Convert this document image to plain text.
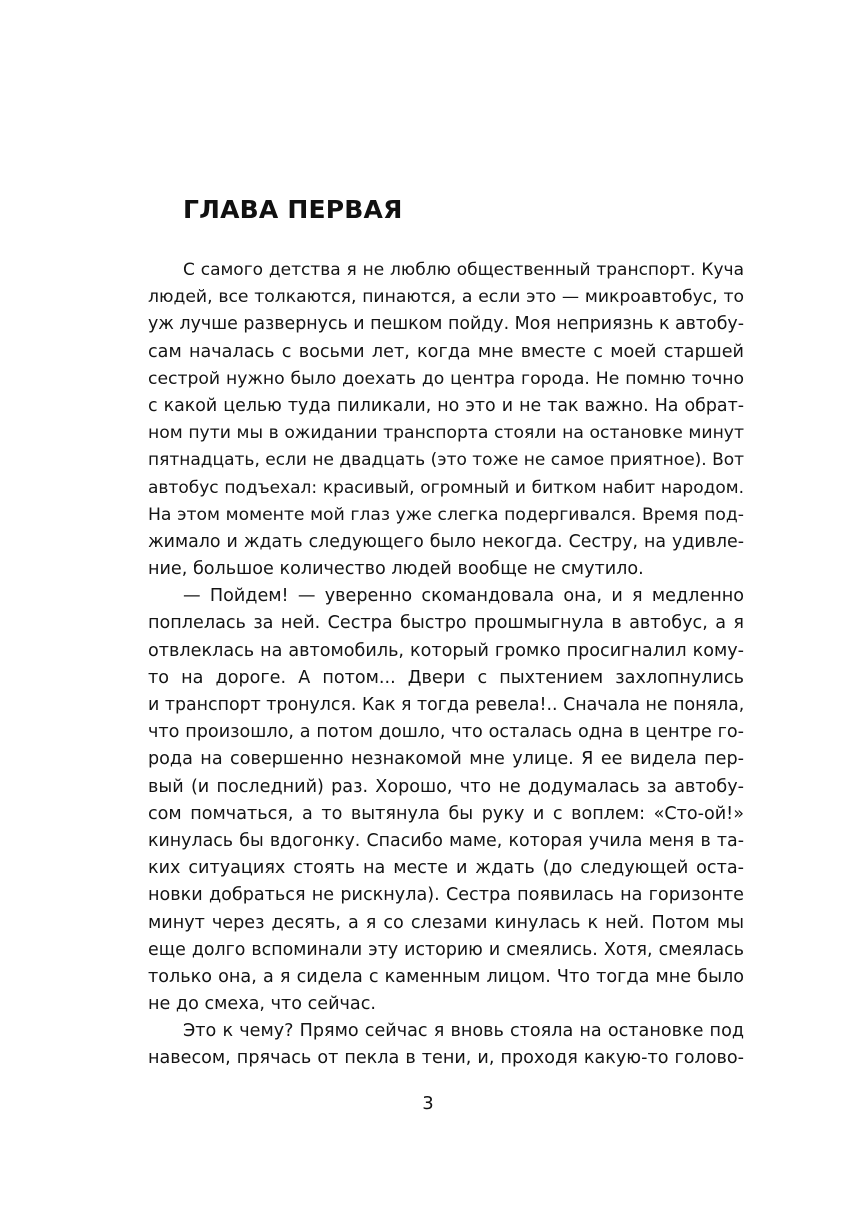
ГЛАВА ПЕРВАЯ
С самого детства я не люблю общественный транспорт. Куча
людей, все толкаются, пинаются, а если это — микроавтобус, то
уж лучше развернусь и пешком пойду. Моя неприязнь к автобу-
сам началась с восьми лет, когда мне вместе с моей старшей
сестрой нужно было доехать до центра города. Не помню точно
с какой целью туда пиликали, но это и не так важно. На обрат-
ном пути мы в ожидании транспорта стояли на остановке минут
пятнадцать, если не двадцать (это тоже не самое приятное). Вот
автобус подъехал: красивый, огромный и битком набит народом.
На этом моменте мой глаз уже слегка подергивался. Время под-
жимало и ждать следующего было некогда. Сестру, на удивле-
ние, большое количество людей вообще не смутило.
— Пойдем! — уверенно скомандовала она, и я медленно
поплелась за ней. Сестра быстро прошмыгнула в автобус, а я
отвлеклась на автомобиль, который громко просигналил кому-
то на дороге. А потом... Двери с пыхтением захлопнулись
и транспорт тронулся. Как я тогда ревела!.. Сначала не поняла,
что произошло, а потом дошло, что осталась одна в центре го-
рода на совершенно незнакомой мне улице. Я ее видела пер-
вый (и последний) раз. Хорошо, что не додумалась за автобу-
сом помчаться, а то вытянула бы руку и с воплем: «Сто-ой!»
кинулась бы вдогонку. Спасибо маме, которая учила меня в та-
ких ситуациях стоять на месте и ждать (до следующей оста-
новки добраться не рискнула). Сестра появилась на горизонте
минут через десять, а я со слезами кинулась к ней. Потом мы
еще долго вспоминали эту историю и смеялись. Хотя, смеялась
только она, а я сидела с каменным лицом. Что тогда мне было
не до смеха, что сейчас.
Это к чему? Прямо сейчас я вновь стояла на остановке под
навесом, прячась от пекла в тени, и, проходя какую-то голово-
3
